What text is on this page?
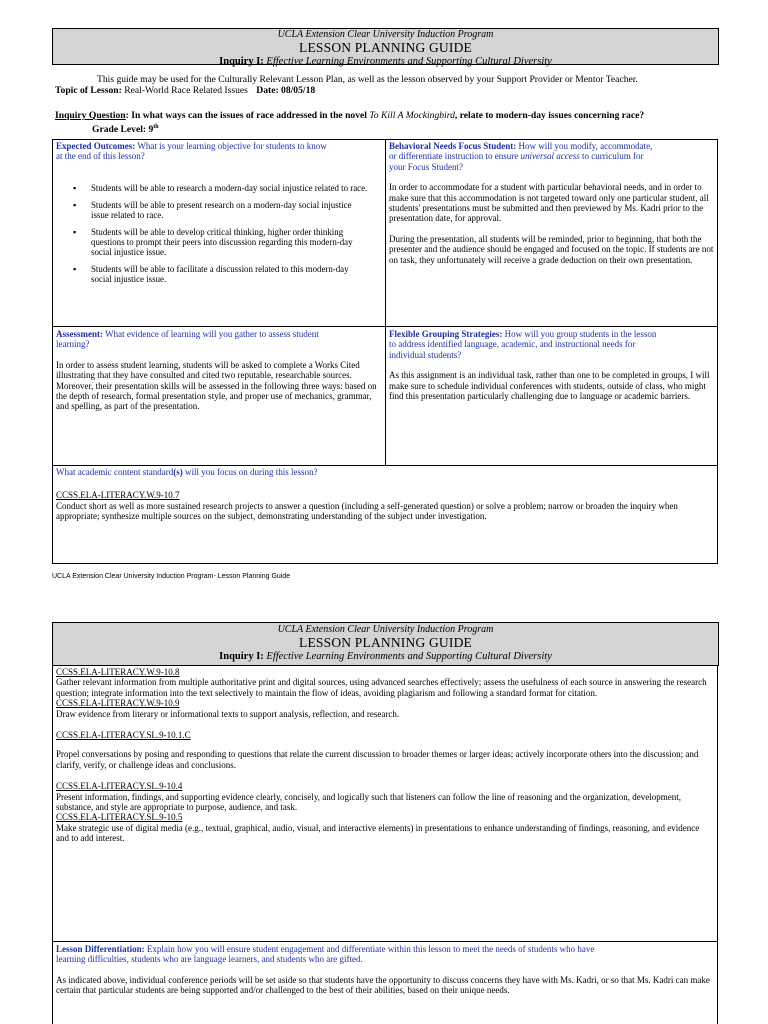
UCLA Extension Clear University Induction Program
LESSON PLANNING GUIDE
Inquiry I: Effective Learning Environments and Supporting Cultural Diversity
This guide may be used for the Culturally Relevant Lesson Plan, as well as the lesson observed by your Support Provider or Mentor Teacher.
Topic of Lesson: Real-World Race Related Issues Date: 08/05/18
Inquiry Question: In what ways can the issues of race addressed in the novel To Kill A Mockingbird, relate to modern-day issues concerning race?
Grade Level: 9th
Expected Outcomes: What is your learning objective for students to know
at the end of this lesson?
▪ Students will be able to research a modern-day social injustice related to race.
▪ Students will be able to present research on a modern-day social injustice issue related to race.
▪ Students will be able to develop critical thinking, higher order thinking questions to prompt their peers into discussion regarding this modern-day social injustice issue.
▪ Students will be able to facilitate a discussion related to this modern-day social injustice issue.
Behavioral Needs Focus Student: How will you modify, accommodate,
or differentiate instruction to ensure universal access to curriculum for
your Focus Student?

In order to accommodate for a student with particular behavioral needs, and in order to make sure that this accommodation is not targeted toward only one particular student, all students' presentations must be submitted and then previewed by Ms. Kadri prior to the presentation date, for approval.

During the presentation, all students will be reminded, prior to beginning, that both the presenter and the audience should be engaged and focused on the topic. If students are not on task, they unfortunately will receive a grade deduction on their own presentation.

Assessment: What evidence of learning will you gather to assess student
learning?

In order to assess student learning, students will be asked to complete a Works Cited illustrating that they have consulted and cited two reputable, researchable sources. Moreover, their presentation skills will be assessed in the following three ways: based on the depth of research, formal presentation style, and proper use of mechanics, grammar, and spelling, as part of the presentation.

Flexible Grouping Strategies: How will you group students in the lesson
to address identified language, academic, and instructional needs for
individual students?

As this assignment is an individual task, rather than one to be completed in groups, I will make sure to schedule individual conferences with students, outside of class, who might find this presentation particularly challenging due to language or academic barriers.

What academic content standard(s) will you focus on during this lesson?
CCSS.ELA-LITERACY.W.9-10.7

Conduct short as well as more sustained research projects to answer a question (including a self-generated question) or solve a problem; narrow or broaden the inquiry when appropriate; synthesize multiple sources on the subject, demonstrating understanding of the subject under investigation.

UCLA Extension Clear University Induction Program- Lesson Planning Guide
UCLA Extension Clear University Induction Program
LESSON PLANNING GUIDE
Inquiry I: Effective Learning Environments and Supporting Cultural Diversity
CCSS.ELA-LITERACY.W.9-10.8

Gather relevant information from multiple authoritative print and digital sources, using advanced searches effectively; assess the usefulness of each source in answering the research question; integrate information into the text selectively to maintain the flow of ideas, avoiding plagiarism and following a standard format for citation.

CCSS.ELA-LITERACY.W.9-10.9

Draw evidence from literary or informational texts to support analysis, reflection, and research.

CCSS.ELA-LITERACY.SL.9-10.1.C

Propel conversations by posing and responding to questions that relate the current discussion to broader themes or larger ideas; actively incorporate others into the discussion; and clarify, verify, or challenge ideas and conclusions.

CCSS.ELA-LITERACY.SL.9-10.4

Present information, findings, and supporting evidence clearly, concisely, and logically such that listeners can follow the line of reasoning and the organization, development, substance, and style are appropriate to purpose, audience, and task.

CCSS.ELA-LITERACY.SL.9-10.5

Make strategic use of digital media (e.g., textual, graphical, audio, visual, and interactive elements) in presentations to enhance understanding of findings, reasoning, and evidence and to add interest.

Lesson Differentiation: Explain how you will ensure student engagement and differentiate within this lesson to meet the needs of students who have
learning difficulties, students who are language learners, and students who are gifted.

As indicated above, individual conference periods will be set aside so that students have the opportunity to discuss concerns they have with Ms. Kadri, or so that Ms. Kadri can make certain that particular students are being supported and/or challenged to the best of their abilities, based on their unique needs.
